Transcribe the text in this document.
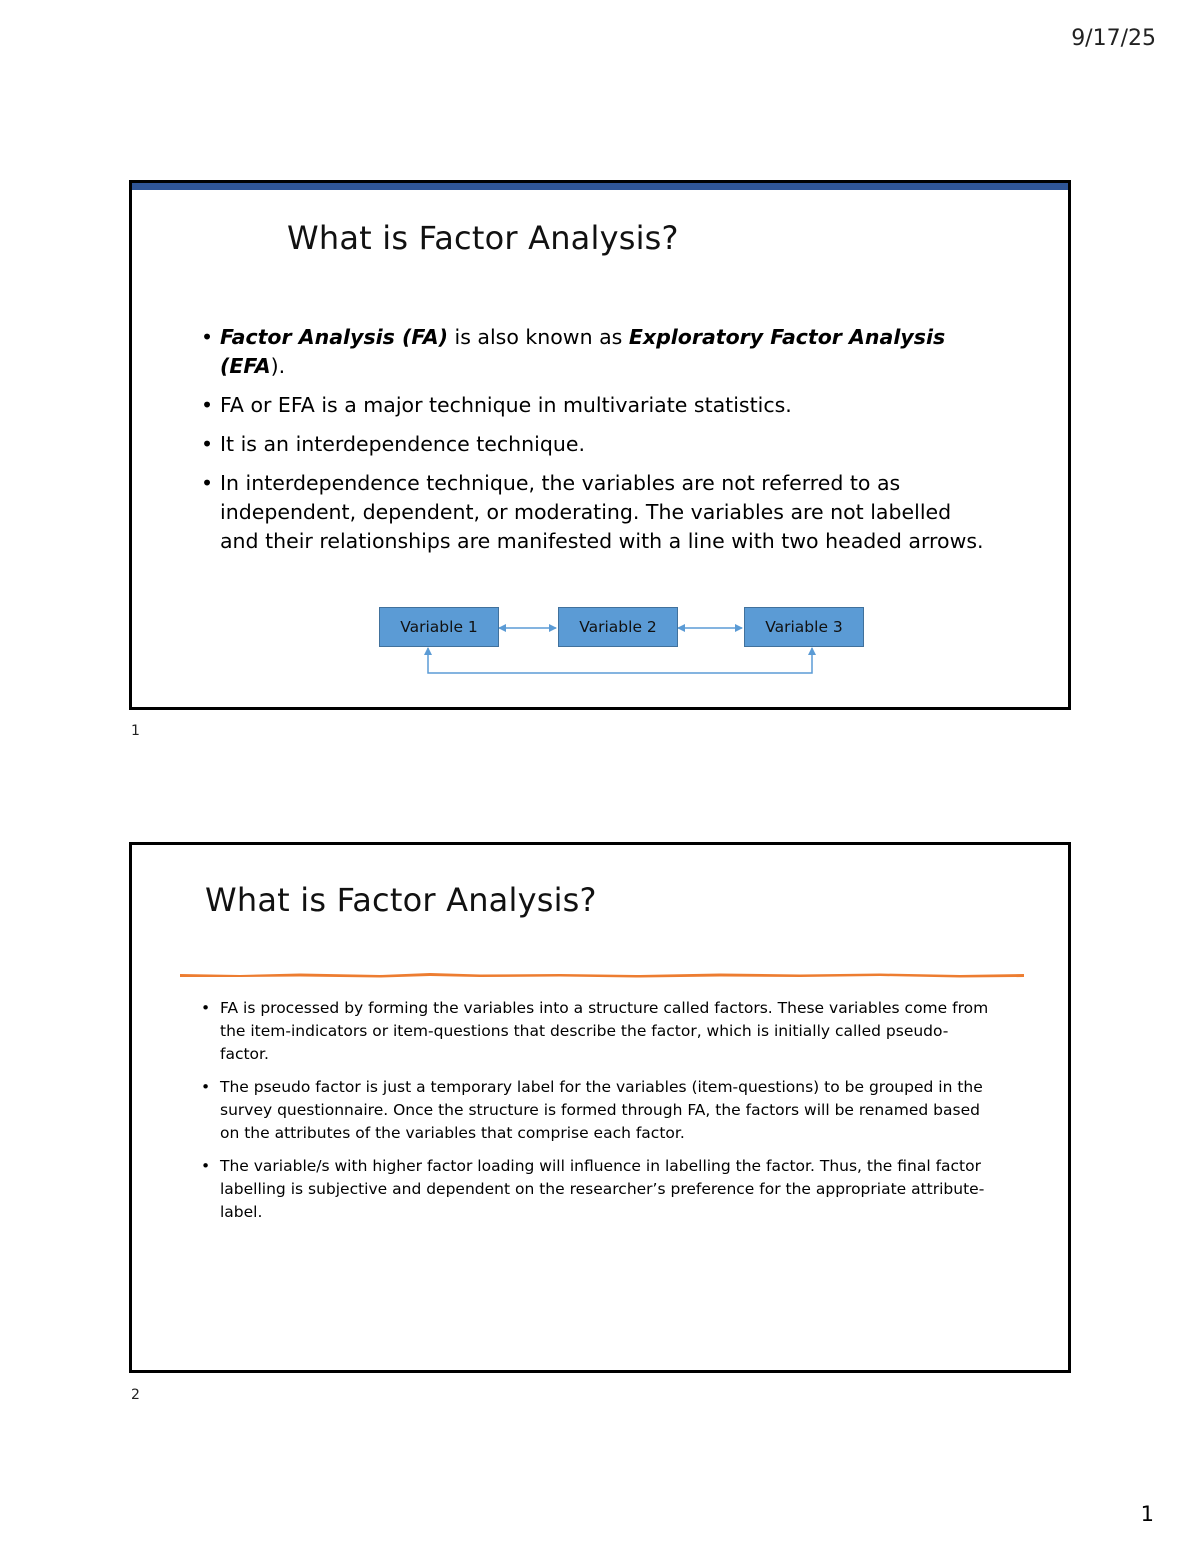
9/17/25
What is Factor Analysis?
• Factor Analysis (FA) is also known as Exploratory Factor Analysis (EFA).
• FA or EFA is a major technique in multivariate statistics.
• It is an interdependence technique.
• In interdependence technique, the variables are not referred to as independent, dependent, or moderating. The variables are not labelled and their relationships are manifested with a line with two headed arrows.
Variable 1	Variable 2	Variable 3
1
What is Factor Analysis?
• FA is processed by forming the variables into a structure called factors. These variables come from the item-indicators or item-questions that describe the factor, which is initially called pseudo-factor.
• The pseudo factor is just a temporary label for the variables (item-questions) to be grouped in the survey questionnaire. Once the structure is formed through FA, the factors will be renamed based on the attributes of the variables that comprise each factor.
• The variable/s with higher factor loading will influence in labelling the factor. Thus, the final factor labelling is subjective and dependent on the researcher’s preference for the appropriate attribute-label.
2
1
